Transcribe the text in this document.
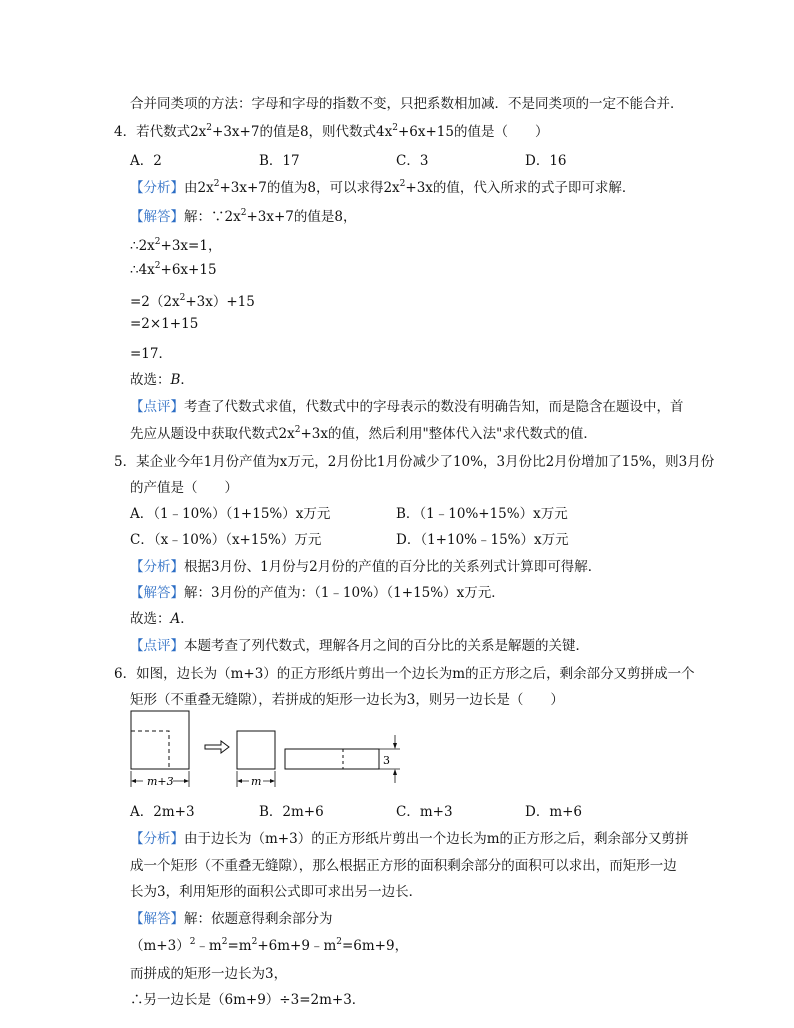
合并同类项的方法：字母和字母的指数不变，只把系数相加减．不是同类项的一定不能合并．
4．若代数式$2x^2+3x+7$的值是8，则代数式$4x^2+6x+15$的值是（　　）
A．2	B．17	C．3	D．16
【分析】由$2x^2+3x+7$的值为8，可以求得$2x^2+3x$的值，代入所求的式子即可求解．
【解答】解：$\because 2x^2+3x+7$的值是8，
$\therefore 2x^2+3x=1$，
$\therefore 4x^2+6x+15$
$=2(2x^2+3x)+15$
=2×1+15
=17．
故选：B．
【点评】考查了代数式求值，代数式中的字母表示的数没有明确告知，而是隐含在题设中，首
先应从题设中获取代数式$2x^2+3x$的值，然后利用"整体代入法"求代数式的值．
5．某企业今年1月份产值为x万元，2月份比1月份减少了10%，3月份比2月份增加了15%，则3月份
的产值是（　　）
A．（1﹣10%）（1+15%）x万元	B．（1﹣10%+15%）x万元
C．（x﹣10%）（x+15%）万元	D．（1+10%﹣15%）x万元
【分析】根据3月份、1月份与2月份的产值的百分比的关系列式计算即可得解．
【解答】解：3月份的产值为：（1﹣10%）（1+15%）x万元．
故选：A．
【点评】本题考查了列代数式，理解各月之间的百分比的关系是解题的关键．
6．如图，边长为（m+3）的正方形纸片剪出一个边长为m的正方形之后，剩余部分又剪拼成一个
矩形（不重叠无缝隙），若拼成的矩形一边长为3，则另一边长是（　　）
m+3	m
3
A．2m+3	B．2m+6	C．m+3	D．m+6
【分析】由于边长为（m+3）的正方形纸片剪出一个边长为m的正方形之后，剩余部分又剪拼
成一个矩形（不重叠无缝隙），那么根据正方形的面积剩余部分的面积可以求出，而矩形一边
长为3，利用矩形的面积公式即可求出另一边长．
【解答】解：依题意得剩余部分为
$(m+3)^2﹣m^2=m^2+6m+9﹣m^2=6m+9$，
而拼成的矩形一边长为3，
∴另一边长是（6m+9）÷3=2m+3．
